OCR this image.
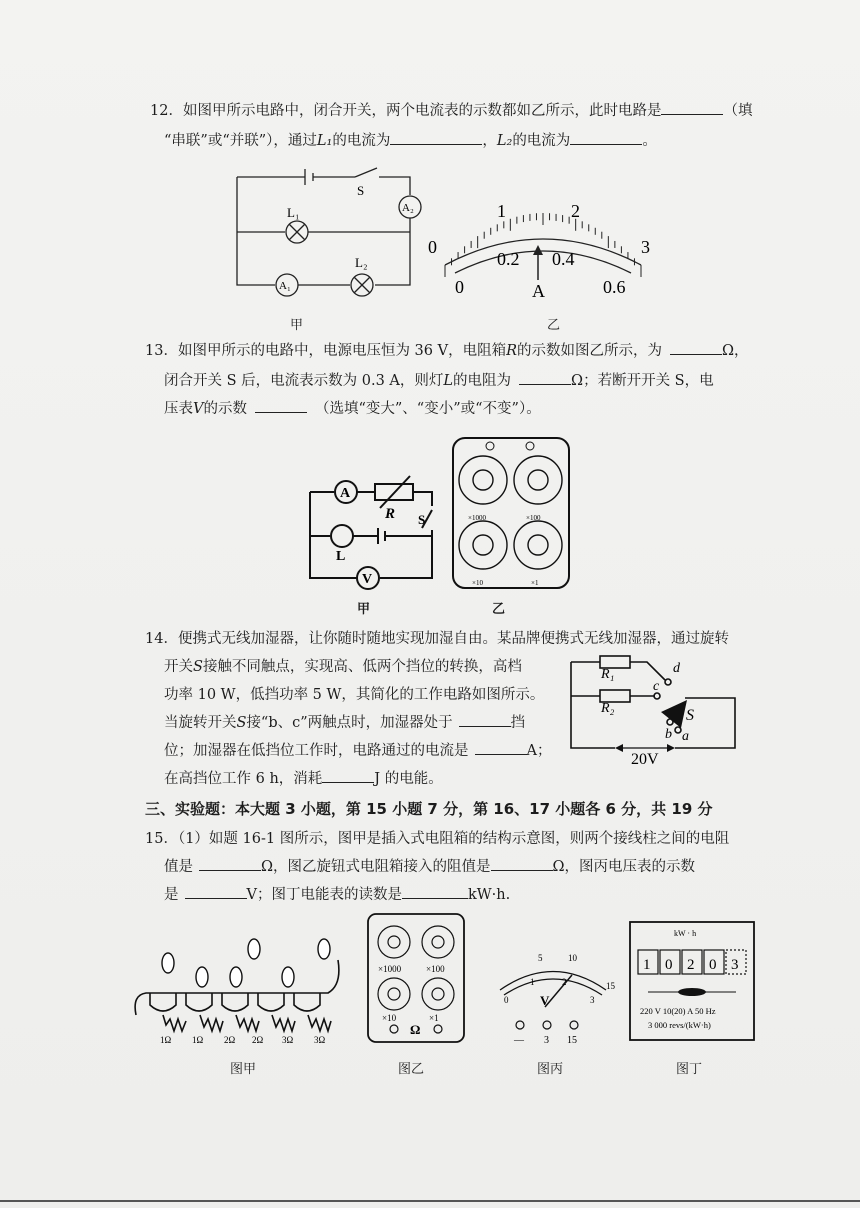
12．如图甲所示电路中，闭合开关，两个电流表的示数都如乙所示，此时电路是	（填
“串联”或“并联”），通过L₁的电流为	，L₂的电流为	。
S
A₂
L₁
A₁
L₂
甲
0
1	2
3
0
0.2 0.4
0.6
A
乙
13．如图甲所示的电路中，电源电压恒为 36 V，电阻箱R的示数如图乙所示，为	Ω，
闭合开关 S 后，电流表示数为 0.3 A，则灯L的电阻为	Ω；若断开开关 S，电
压表V的示数	（选填“变大”、“变小”或“不变”）。
A
R S
L
V
甲
×1000	×100
×10	×1
乙
14．便携式无线加湿器，让你随时随地实现加湿自由。某品牌便携式无线加湿器，通过旋转
开关S接触不同触点，实现高、低两个挡位的转换，高档
功率 10 W，低挡功率 5 W，其简化的工作电路如图所示。
当旋转开关S接“b、c”两触点时，加湿器处于	挡
位；加湿器在低挡位工作时，电路通过的电流是	A；
在高挡位工作 6 h，消耗	J 的电能。
R₁
R₂
d
c
S
b a
20V
三、实验题：本大题 3 小题，第 15 小题 7 分，第 16、17 小题各 6 分，共 19 分
15．（1）如题 16-1 图所示，图甲是插入式电阻箱的结构示意图，则两个接线柱之间的电阻
值是	Ω，图乙旋钮式电阻箱接入的阻值是	Ω，图丙电压表的示数
是	V；图丁电能表的读数是	kW·h.
1Ω 1Ω 2Ω 2Ω 3Ω 3Ω
×1000	×100
×10	×1
Ω
0
5	10
15
1	2
3
V
— 3 15
kW · h
1 0 2 0 3
220 V 10(20) A 50 Hz
3 000 revs/(kW·h)
图甲	图乙	图丙	图丁
